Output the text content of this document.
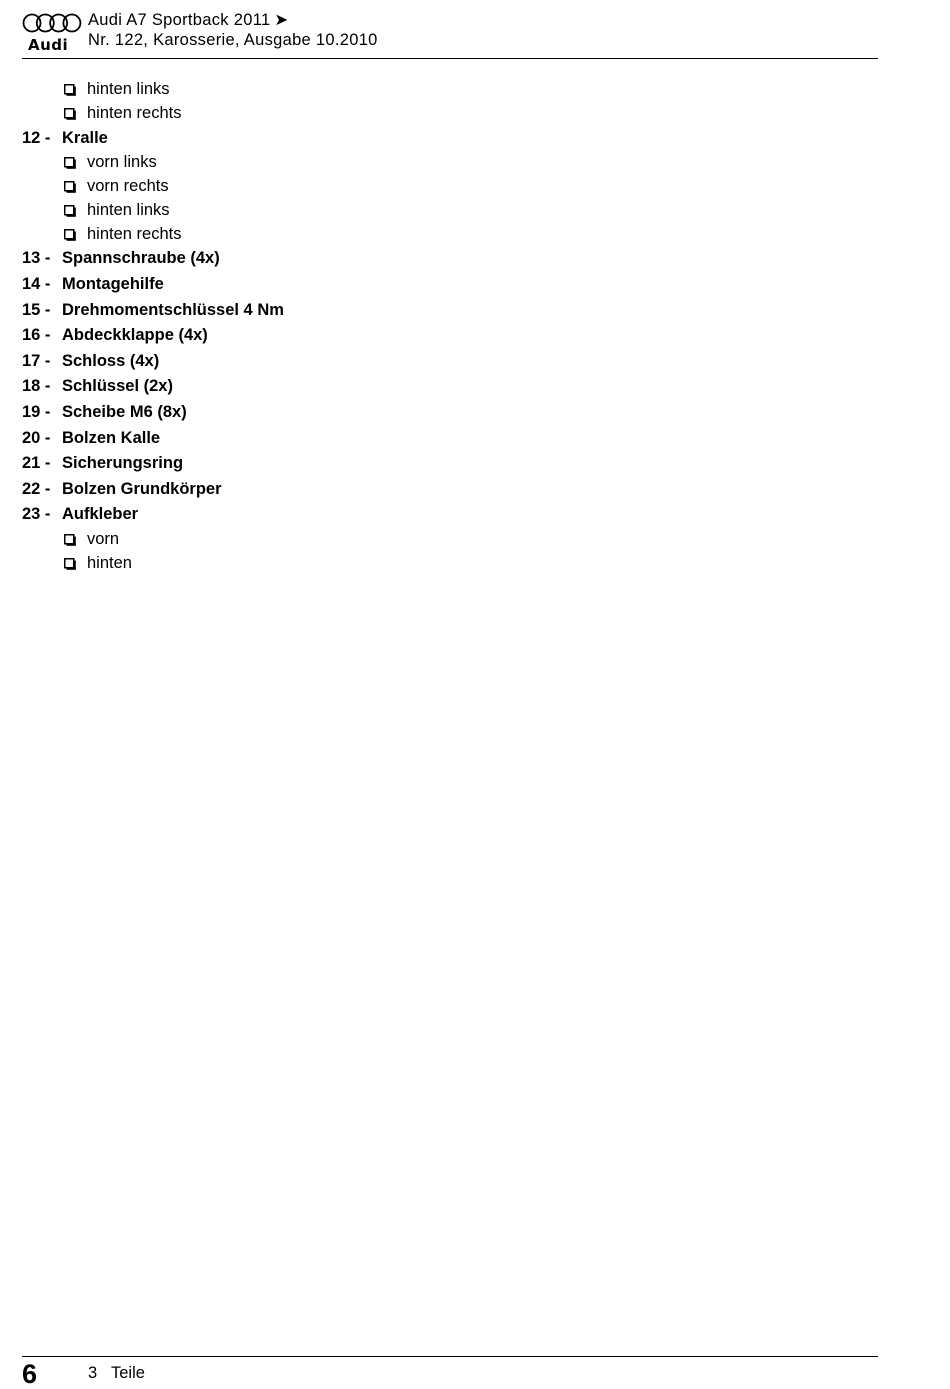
Audi
Audi A7 Sportback 2011 ➤
Nr. 122, Karosserie, Ausgabe 10.2010
hinten links
hinten rechts
12 - Kralle
vorn links
vorn rechts
hinten links
hinten rechts
13 - Spannschraube (4x)
14 - Montagehilfe
15 - Drehmomentschlüssel 4 Nm
16 - Abdeckklappe (4x)
17 - Schloss (4x)
18 - Schlüssel (2x)
19 - Scheibe M6 (8x)
20 - Bolzen Kalle
21 - Sicherungsring
22 - Bolzen Grundkörper
23 - Aufkleber
vorn
hinten
6	3 Teile
